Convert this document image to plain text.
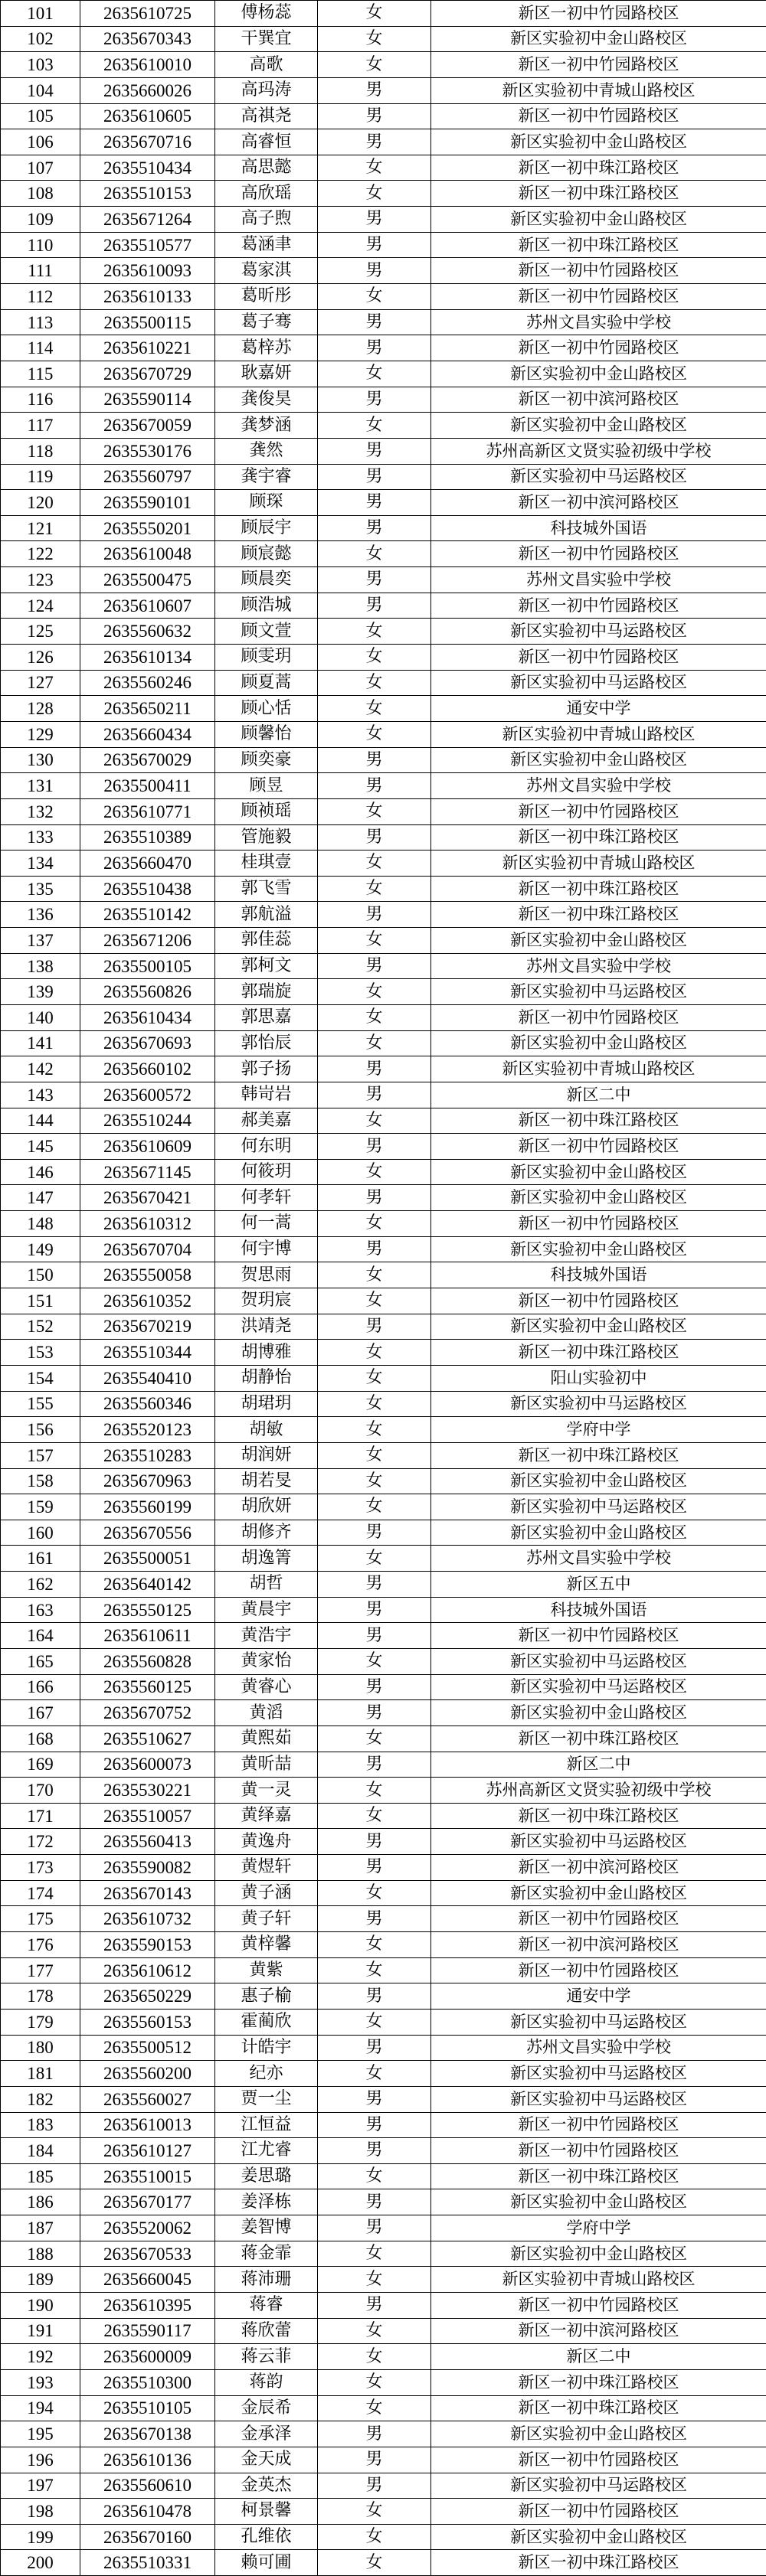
101	2635610725	傅杨蕊	女	新区一初中竹园路校区
102	2635670343	干巽宜	女	新区实验初中金山路校区
103	2635610010	高歌	女	新区一初中竹园路校区
104	2635660026	高玛涛	男	新区实验初中青城山路校区
105	2635610605	高祺尧	男	新区一初中竹园路校区
106	2635670716	高睿恒	男	新区实验初中金山路校区
107	2635510434	高思懿	女	新区一初中珠江路校区
108	2635510153	高欣瑶	女	新区一初中珠江路校区
109	2635671264	高子煦	男	新区实验初中金山路校区
110	2635510577	葛涵聿	男	新区一初中珠江路校区
111	2635610093	葛家淇	男	新区一初中竹园路校区
112	2635610133	葛昕彤	女	新区一初中竹园路校区
113	2635500115	葛子骞	男	苏州文昌实验中学校
114	2635610221	葛梓苏	男	新区一初中竹园路校区
115	2635670729	耿嘉妍	女	新区实验初中金山路校区
116	2635590114	龚俊昊	男	新区一初中滨河路校区
117	2635670059	龚梦涵	女	新区实验初中金山路校区
118	2635530176	龚然	男	苏州高新区文贤实验初级中学校
119	2635560797	龚宇睿	男	新区实验初中马运路校区
120	2635590101	顾琛	男	新区一初中滨河路校区
121	2635550201	顾辰宇	男	科技城外国语
122	2635610048	顾宸懿	女	新区一初中竹园路校区
123	2635500475	顾晨奕	男	苏州文昌实验中学校
124	2635610607	顾浩城	男	新区一初中竹园路校区
125	2635560632	顾文萱	女	新区实验初中马运路校区
126	2635610134	顾雯玥	女	新区一初中竹园路校区
127	2635560246	顾夏蒿	女	新区实验初中马运路校区
128	2635650211	顾心恬	女	通安中学
129	2635660434	顾馨怡	女	新区实验初中青城山路校区
130	2635670029	顾奕豪	男	新区实验初中金山路校区
131	2635500411	顾昱	男	苏州文昌实验中学校
132	2635610771	顾祯瑶	女	新区一初中竹园路校区
133	2635510389	管施毅	男	新区一初中珠江路校区
134	2635660470	桂琪壹	女	新区实验初中青城山路校区
135	2635510438	郭飞雪	女	新区一初中珠江路校区
136	2635510142	郭航溢	男	新区一初中珠江路校区
137	2635671206	郭佳蕊	女	新区实验初中金山路校区
138	2635500105	郭柯文	男	苏州文昌实验中学校
139	2635560826	郭瑞旋	女	新区实验初中马运路校区
140	2635610434	郭思嘉	女	新区一初中竹园路校区
141	2635670693	郭怡辰	女	新区实验初中金山路校区
142	2635660102	郭子扬	男	新区实验初中青城山路校区
143	2635600572	韩岢岩	男	新区二中
144	2635510244	郝美嘉	女	新区一初中珠江路校区
145	2635610609	何东明	男	新区一初中竹园路校区
146	2635671145	何筱玥	女	新区实验初中金山路校区
147	2635670421	何孝轩	男	新区实验初中金山路校区
148	2635610312	何一蒿	女	新区一初中竹园路校区
149	2635670704	何宇博	男	新区实验初中金山路校区
150	2635550058	贺思雨	女	科技城外国语
151	2635610352	贺玥宸	女	新区一初中竹园路校区
152	2635670219	洪靖尧	男	新区实验初中金山路校区
153	2635510344	胡博雅	女	新区一初中珠江路校区
154	2635540410	胡静怡	女	阳山实验初中
155	2635560346	胡珺玥	女	新区实验初中马运路校区
156	2635520123	胡敏	女	学府中学
157	2635510283	胡润妍	女	新区一初中珠江路校区
158	2635670963	胡若旻	女	新区实验初中金山路校区
159	2635560199	胡欣妍	女	新区实验初中马运路校区
160	2635670556	胡修齐	男	新区实验初中金山路校区
161	2635500051	胡逸箐	女	苏州文昌实验中学校
162	2635640142	胡哲	男	新区五中
163	2635550125	黄晨宇	男	科技城外国语
164	2635610611	黄浩宇	男	新区一初中竹园路校区
165	2635560828	黄家怡	女	新区实验初中马运路校区
166	2635560125	黄睿心	男	新区实验初中马运路校区
167	2635670752	黄滔	男	新区实验初中金山路校区
168	2635510627	黄熙茹	女	新区一初中珠江路校区
169	2635600073	黄昕喆	男	新区二中
170	2635530221	黄一灵	女	苏州高新区文贤实验初级中学校
171	2635510057	黄绎嘉	女	新区一初中珠江路校区
172	2635560413	黄逸舟	男	新区实验初中马运路校区
173	2635590082	黄煜轩	男	新区一初中滨河路校区
174	2635670143	黄子涵	女	新区实验初中金山路校区
175	2635610732	黄子轩	男	新区一初中竹园路校区
176	2635590153	黄梓馨	女	新区一初中滨河路校区
177	2635610612	黄紫	女	新区一初中竹园路校区
178	2635650229	惠子榆	男	通安中学
179	2635560153	霍蔺欣	女	新区实验初中马运路校区
180	2635500512	计皓宇	男	苏州文昌实验中学校
181	2635560200	纪亦	女	新区实验初中马运路校区
182	2635560027	贾一尘	男	新区实验初中马运路校区
183	2635610013	江恒益	男	新区一初中竹园路校区
184	2635610127	江尤睿	男	新区一初中竹园路校区
185	2635510015	姜思璐	女	新区一初中珠江路校区
186	2635670177	姜泽栋	男	新区实验初中金山路校区
187	2635520062	姜智博	男	学府中学
188	2635670533	蒋金霏	女	新区实验初中金山路校区
189	2635660045	蒋沛珊	女	新区实验初中青城山路校区
190	2635610395	蒋睿	男	新区一初中竹园路校区
191	2635590117	蒋欣蕾	女	新区一初中滨河路校区
192	2635600009	蒋云菲	女	新区二中
193	2635510300	蒋韵	女	新区一初中珠江路校区
194	2635510105	金辰希	女	新区一初中珠江路校区
195	2635670138	金承泽	男	新区实验初中金山路校区
196	2635610136	金天成	男	新区一初中竹园路校区
197	2635560610	金英杰	男	新区实验初中马运路校区
198	2635610478	柯景馨	女	新区一初中竹园路校区
199	2635670160	孔维依	女	新区实验初中金山路校区
200	2635510331	赖可圃	女	新区一初中珠江路校区
